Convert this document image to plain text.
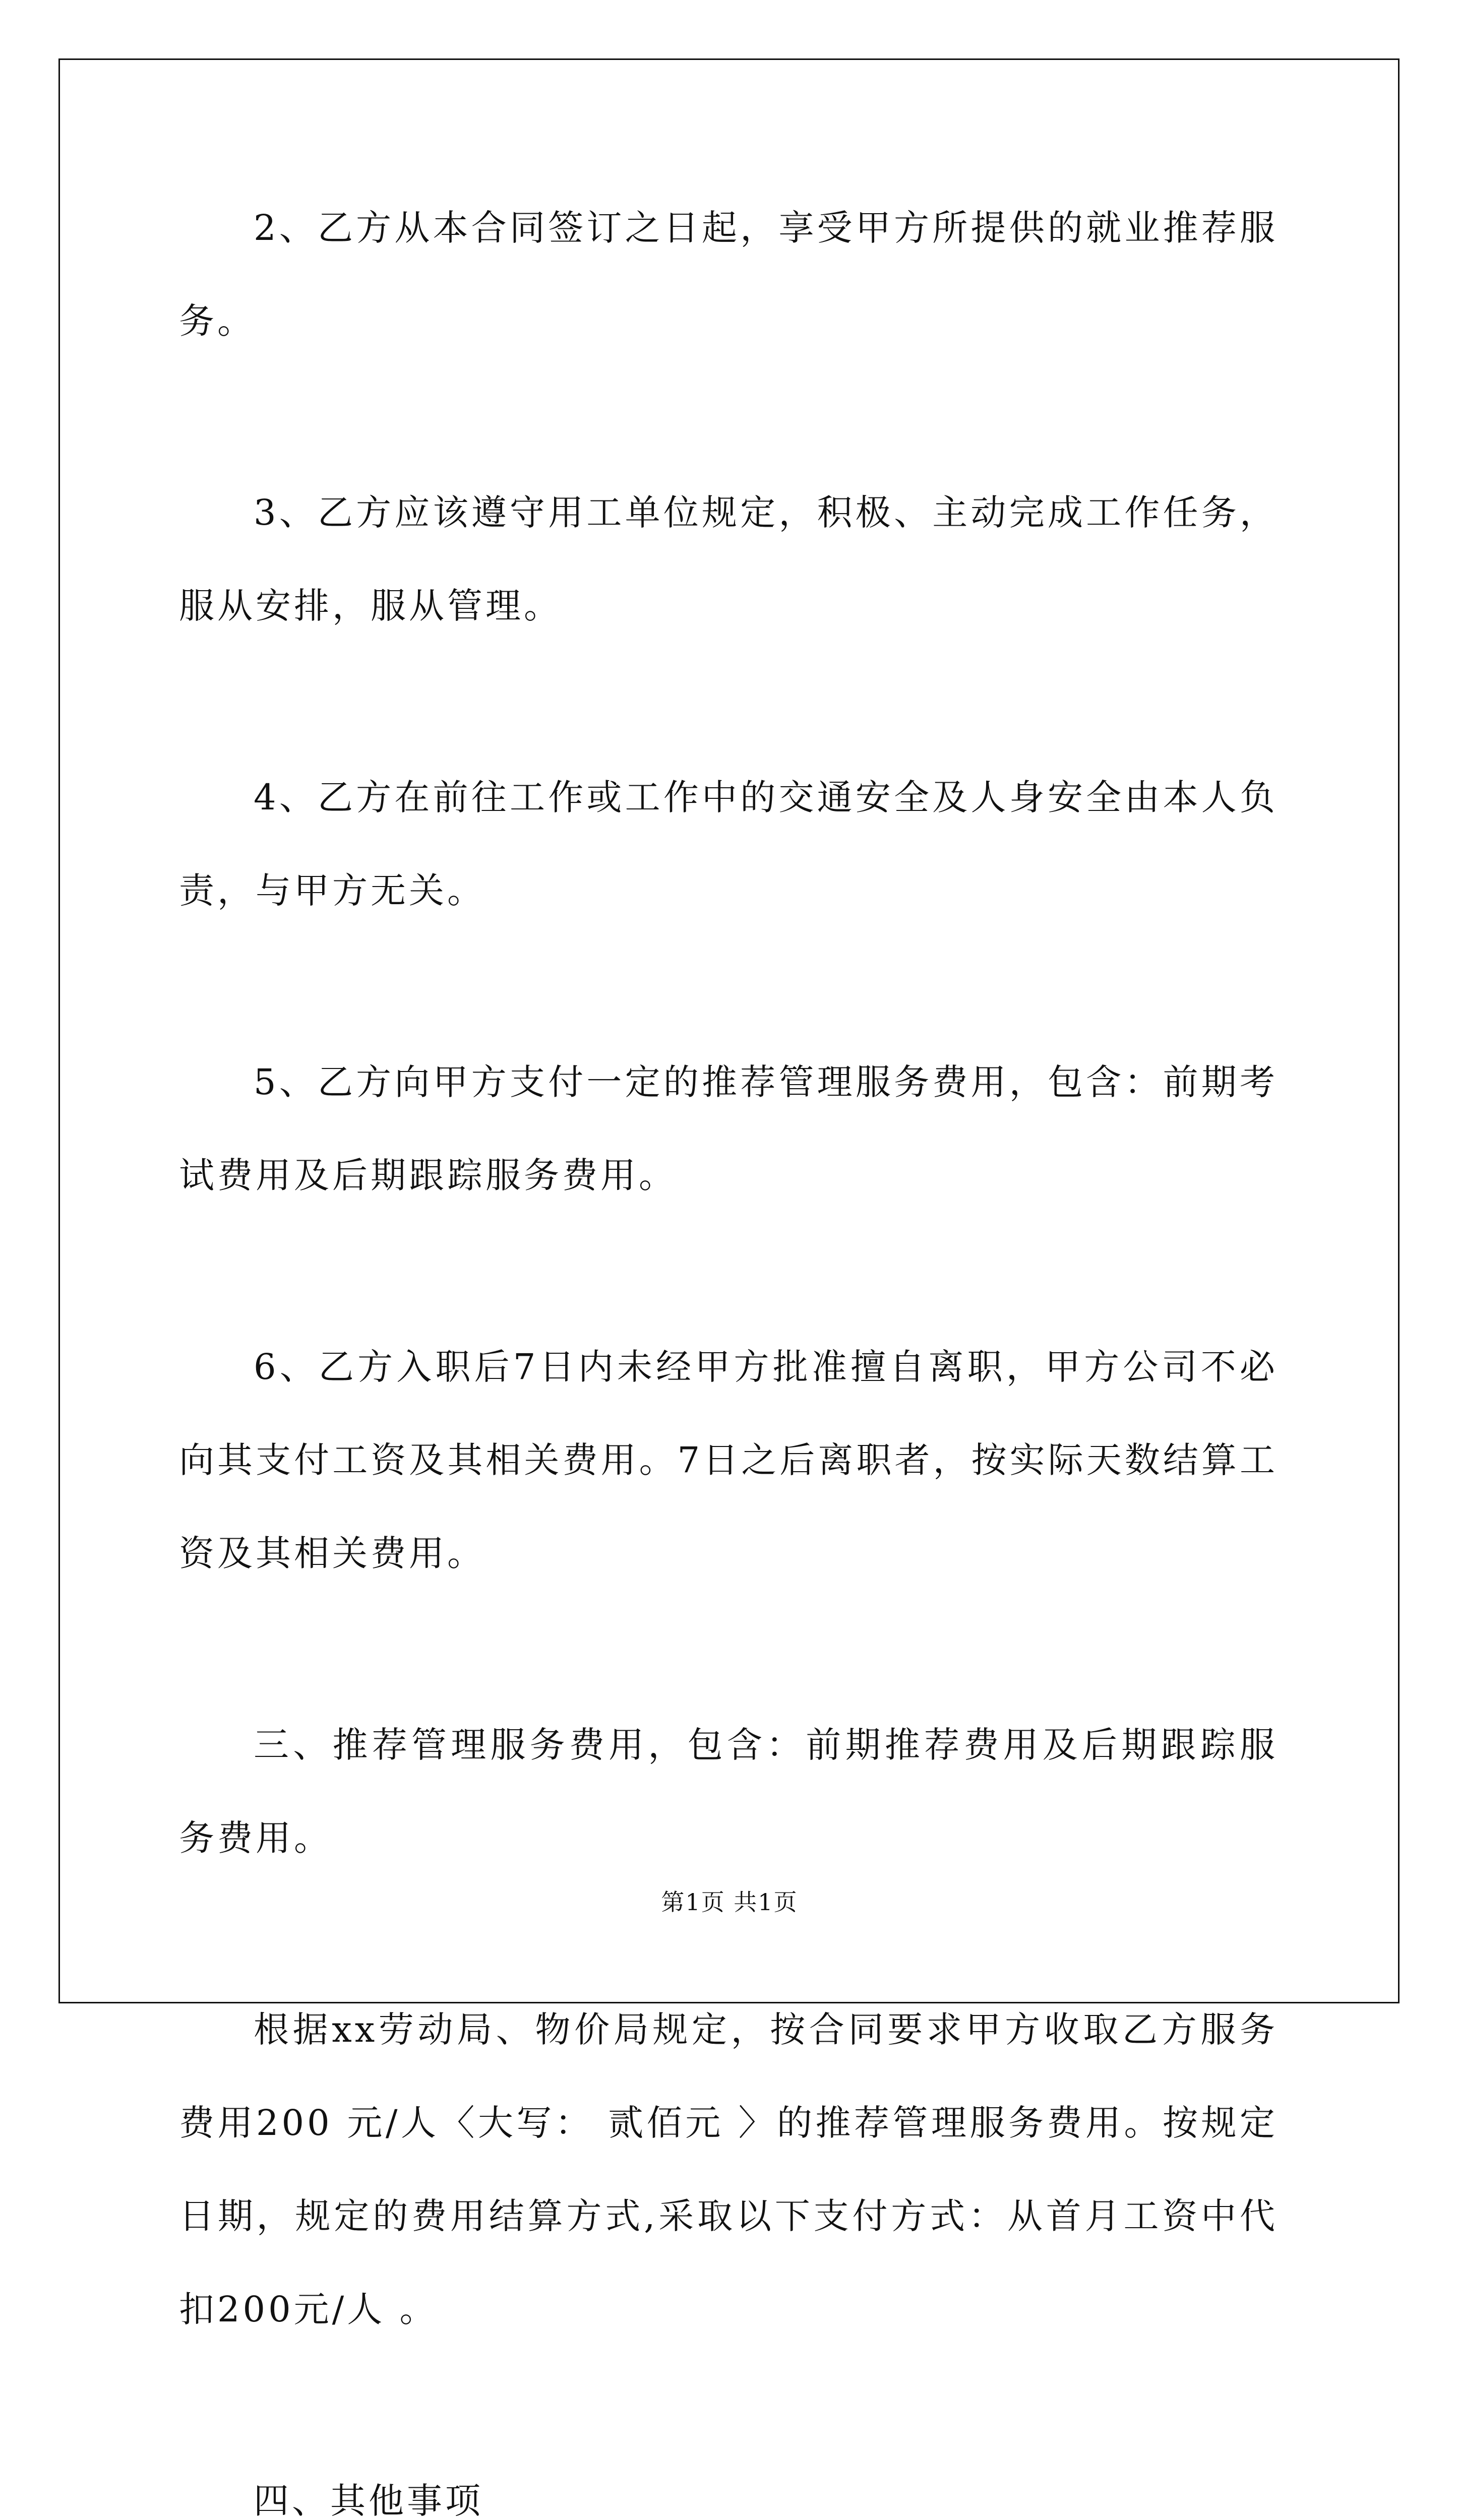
2、乙方从本合同签订之日起，享受甲方所提供的就业推荐服务。

3、乙方应该遵守用工单位规定，积极、主动完成工作任务，服从安排，服从管理。

4、乙方在前往工作或工作中的交通安全及人身安全由本人负责，与甲方无关。

5、乙方向甲方支付一定的推荐管理服务费用，包含：前期考试费用及后期跟踪服务费用。

6、乙方入职后7日内未经甲方批准擅自离职，甲方公司不必向其支付工资及其相关费用。7日之后离职者，按实际天数结算工资及其相关费用。

三、推荐管理服务费用，包含：前期推荐费用及后期跟踪服务费用。

根据xx劳动局、物价局规定，按合同要求甲方收取乙方服务费用200 元/人〈大写： 贰佰元 〉的推荐管理服务费用。按规定日期，规定的费用结算方式,采取以下支付方式：从首月工资中代扣200元/人 。

四、其他事项

第1页 共1页
